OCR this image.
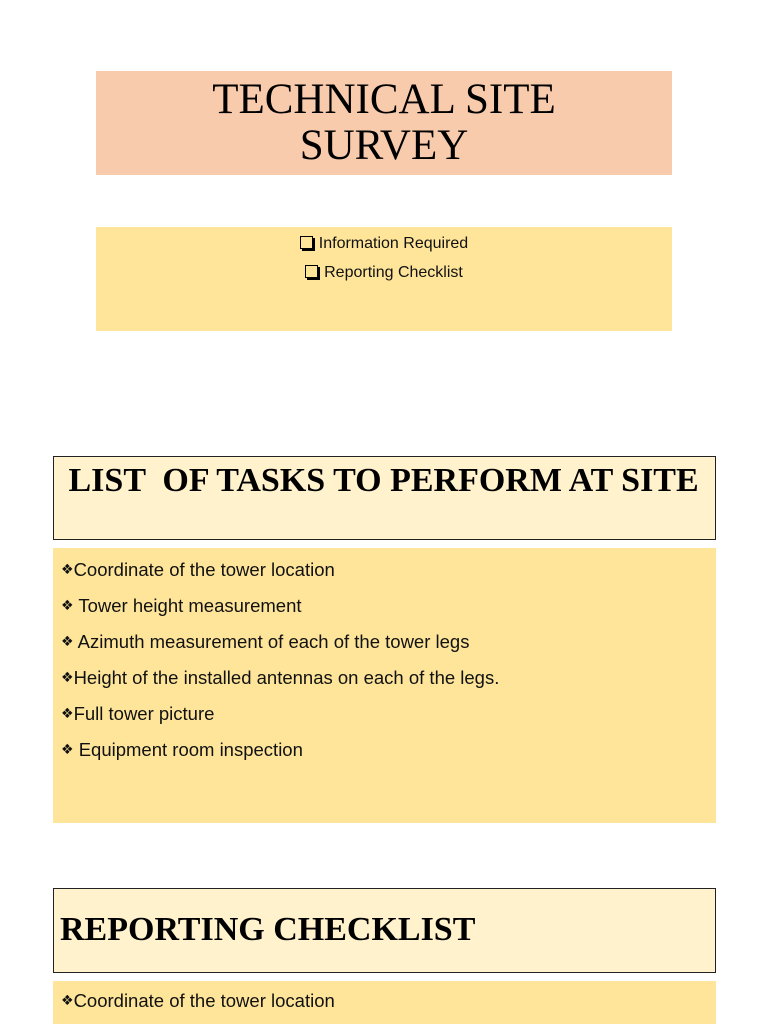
TECHNICAL SITE
SURVEY
Information Required
Reporting Checklist
LIST  OF TASKS TO PERFORM AT SITE
❖Coordinate of the tower location
❖ Tower height measurement
❖ Azimuth measurement of each of the tower legs
❖Height of the installed antennas on each of the legs.
❖Full tower picture
❖ Equipment room inspection
REPORTING CHECKLIST
❖Coordinate of the tower location
